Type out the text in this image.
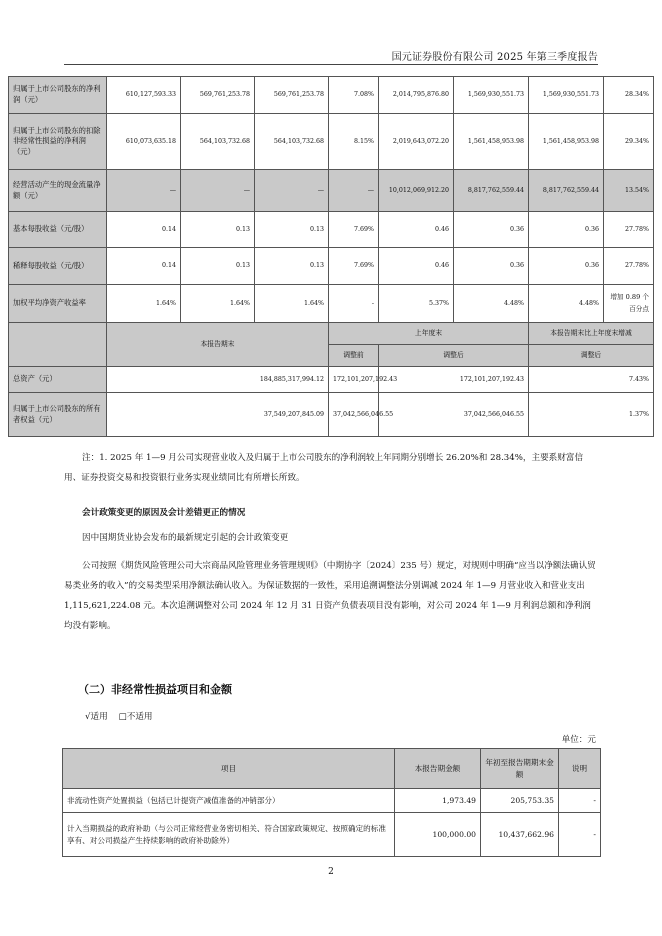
国元证券股份有限公司 2025 年第三季度报告
归属于上市公司股东的净利润（元）	610,127,593.33	569,761,253.78	569,761,253.78	7.08%	2,014,795,876.80	1,569,930,551.73	1,569,930,551.73	28.34%
归属于上市公司股东的扣除非经常性损益的净利润（元）	610,073,635.18	564,103,732.68	564,103,732.68	8.15%	2,019,643,072.20	1,561,458,953.98	1,561,458,953.98	29.34%
经营活动产生的现金流量净额（元）	—	—	—	—	10,012,069,912.20	8,817,762,559.44	8,817,762,559.44	13.54%
基本每股收益（元/股）	0.14	0.13	0.13	7.69%	0.46	0.36	0.36	27.78%
稀释每股收益（元/股）	0.14	0.13	0.13	7.69%	0.46	0.36	0.36	27.78%
加权平均净资产收益率	1.64%	1.64%	1.64%	-	5.37%	4.48%	4.48%	增加 0.89 个百分点
	本报告期末			上年度末			本报告期末比上年度末增减	
				调整前	调整后		调整后	
总资产（元）	184,885,317,994.12			172,101,207,192.43	172,101,207,192.43		7.43%	
归属于上市公司股东的所有者权益（元）	37,549,207,845.09			37,042,566,046.55	37,042,566,046.55		1.37%	
注：1. 2025 年 1—9 月公司实现营业收入及归属于上市公司股东的净利润较上年同期分别增长 26.20%和 28.34%，主要系财富信用、证券投资交易和投资银行业务实现业绩同比有所增长所致。
会计政策变更的原因及会计差错更正的情况
因中国期货业协会发布的最新规定引起的会计政策变更
公司按照《期货风险管理公司大宗商品风险管理业务管理规则》（中期协字〔2024〕235 号）规定，对规则中明确“应当以净额法确认贸易类业务的收入”的交易类型采用净额法确认收入。为保证数据的一致性，采用追溯调整法分别调减 2024 年 1—9 月营业收入和营业支出 1,115,621,224.08 元。本次追溯调整对公司 2024 年 12 月 31 日资产负债表项目没有影响，对公司 2024 年 1—9 月利润总额和净利润均没有影响。
（二）非经常性损益项目和金额
√适用 □不适用
单位：元
项目	本报告期金额	年初至报告期期末金额	说明
非流动性资产处置损益（包括已计提资产减值准备的冲销部分）	1,973.49	205,753.35	-
计入当期损益的政府补助（与公司正常经营业务密切相关、符合国家政策规定、按照确定的标准享有、对公司损益产生持续影响的政府补助除外）	100,000.00	10,437,662.96	-
2
